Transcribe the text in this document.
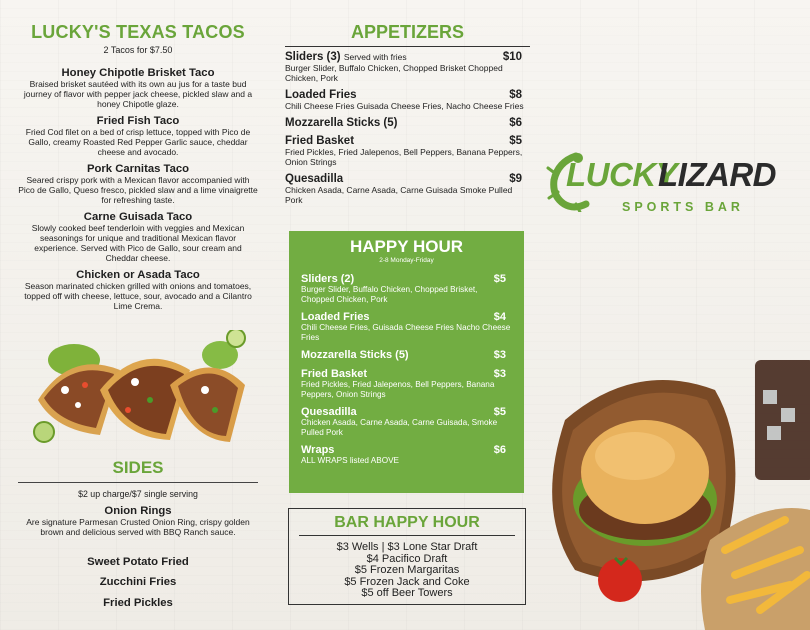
LUCKY'S TEXAS TACOS
2 Tacos for $7.50
Honey Chipotle Brisket Taco

Braised brisket sautéed with its own au jus for a taste bud journey of flavor with pepper jack cheese, pickled slaw and a honey Chipotle glaze.

Fried Fish Taco

Fried Cod filet on a bed of crisp lettuce, topped with Pico de Gallo, creamy Roasted Red Pepper Garlic sauce, cheddar cheese and avocado.

Pork Carnitas Taco

Seared crispy pork with a Mexican flavor accompanied with Pico de Gallo, Queso fresco, pickled slaw and a lime vinaigrette for refreshing taste.

Carne Guisada Taco

Slowly cooked beef tenderloin with veggies and Mexican seasonings for unique and traditional Mexican flavor experience. Served with Pico de Gallo, sour cream and Cheddar cheese.

Chicken or Asada Taco

Season marinated chicken grilled with onions and tomatoes, topped off with cheese, lettuce, sour, avocado and a Cilantro Lime Crema.

SIDES
$2 up charge/$7 single serving
Onion Rings

Are signature Parmesan Crusted Onion Ring, crispy golden brown and delicious served with BBQ Ranch sauce.

Sweet Potato Fried
Zucchini Fries
Fried Pickles
APPETIZERS
Sliders (3) Served with fries

Burger Slider, Buffalo Chicken, Chopped Brisket Chopped Chicken, Pork

$10
Loaded Fries

Chili Cheese Fries Guisada Cheese Fries, Nacho Cheese Fries

$8
Mozzarella Sticks (5)	$6
Fried Basket

Fried Pickles, Fried Jalepenos, Bell Peppers, Banana Peppers, Onion Strings

$5
Quesadilla

Chicken Asada, Carne Asada, Carne Guisada Smoke Pulled Pork

$9
HAPPY HOUR
2-8 Monday-Friday
Sliders (2)

Burger Slider, Buffalo Chicken, Chopped Brisket, Chopped Chicken, Pork

$5
Loaded Fries

Chili Cheese Fries, Guisada Cheese Fries Nacho Cheese Fries

$4
Mozzarella Sticks (5)	$3
Fried Basket

Fried Pickles, Fried Jalepenos, Bell Peppers, Banana Peppers, Onion Strings

$3
Quesadilla

Chicken Asada, Carne Asada, Carne Guisada, Smoke Pulled Pork

$5
Wraps

ALL WRAPS listed ABOVE

$6
BAR HAPPY HOUR

$3 Wells | $3 Lone Star Draft

$4 Pacifico Draft

$5 Frozen Margaritas

$5 Frozen Jack and Coke

$5 off Beer Towers

LUCKY
LIZARD
SPORTS BAR
